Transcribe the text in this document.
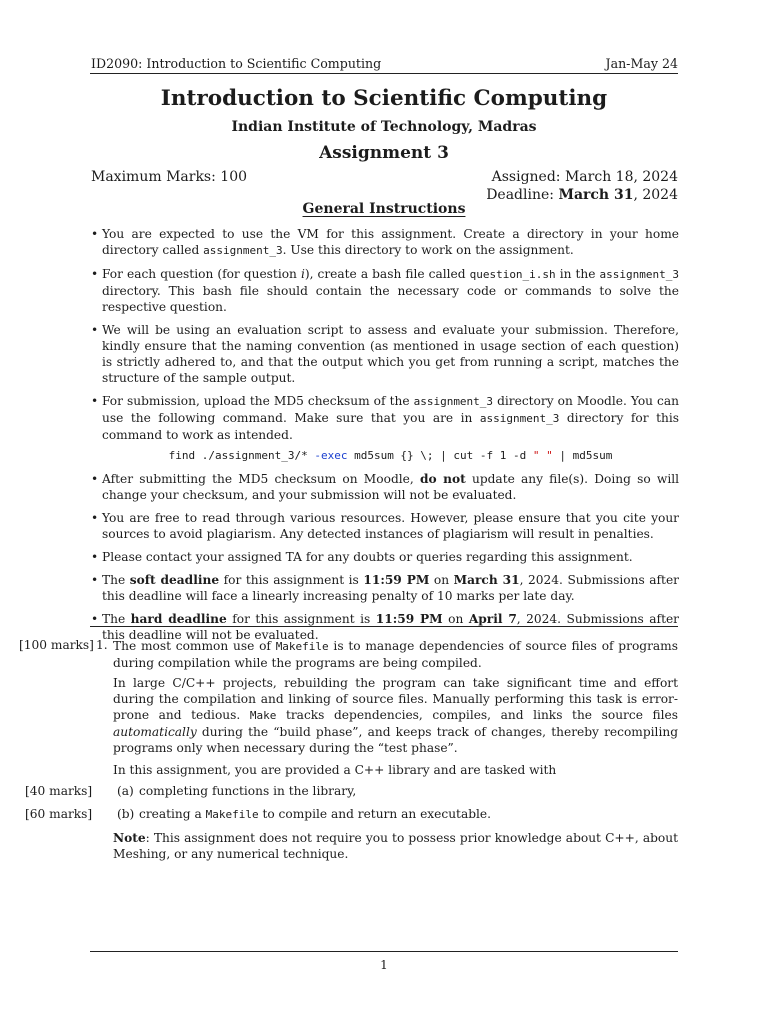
ID2090: Introduction to Scientific Computing	Jan-May 24
Introduction to Scientific Computing
Indian Institute of Technology, Madras
Assignment 3
Maximum Marks: 100	Assigned: March 18, 2024
Deadline: March 31, 2024
General Instructions
• You are expected to use the VM for this assignment. Create a directory in your home directory called assignment_3. Use this directory to work on the assignment.
• For each question (for question i), create a bash file called question_i.sh in the assignment_3 directory. This bash file should contain the necessary code or commands to solve the respective question.
• We will be using an evaluation script to assess and evaluate your submission. Therefore, kindly ensure that the naming convention (as mentioned in usage section of each question) is strictly adhered to, and that the output which you get from running a script, matches the structure of the sample output.
• For submission, upload the MD5 checksum of the assignment_3 directory on Moodle. You can use the following command. Make sure that you are in assignment_3 directory for this command to work as intended.
find ./assignment_3/* -exec md5sum {} \; | cut -f 1 -d " " | md5sum
• After submitting the MD5 checksum on Moodle, do not update any file(s). Doing so will change your checksum, and your submission will not be evaluated.
• You are free to read through various resources. However, please ensure that you cite your sources to avoid plagiarism. Any detected instances of plagiarism will result in penalties.
• Please contact your assigned TA for any doubts or queries regarding this assignment.
• The soft deadline for this assignment is 11:59 PM on March 31, 2024. Submissions after this deadline will face a linearly increasing penalty of 10 marks per late day.
• The hard deadline for this assignment is 11:59 PM on April 7, 2024. Submissions after this deadline will not be evaluated.
[100 marks] 1. The most common use of Makefile is to manage dependencies of source files of programs during compilation while the programs are being compiled.

In large C/C++ projects, rebuilding the program can take significant time and effort during the compilation and linking of source files. Manually performing this task is error-prone and tedious. Make tracks dependencies, compiles, and links the source files automatically during the “build phase”, and keeps track of changes, thereby recompiling programs only when necessary during the “test phase”.

In this assignment, you are provided a C++ library and are tasked with

[40 marks] (a) completing functions in the library,
[60 marks] (b) creating a Makefile to compile and return an executable.

Note: This assignment does not require you to possess prior knowledge about C++, about Meshing, or any numerical technique.

1
